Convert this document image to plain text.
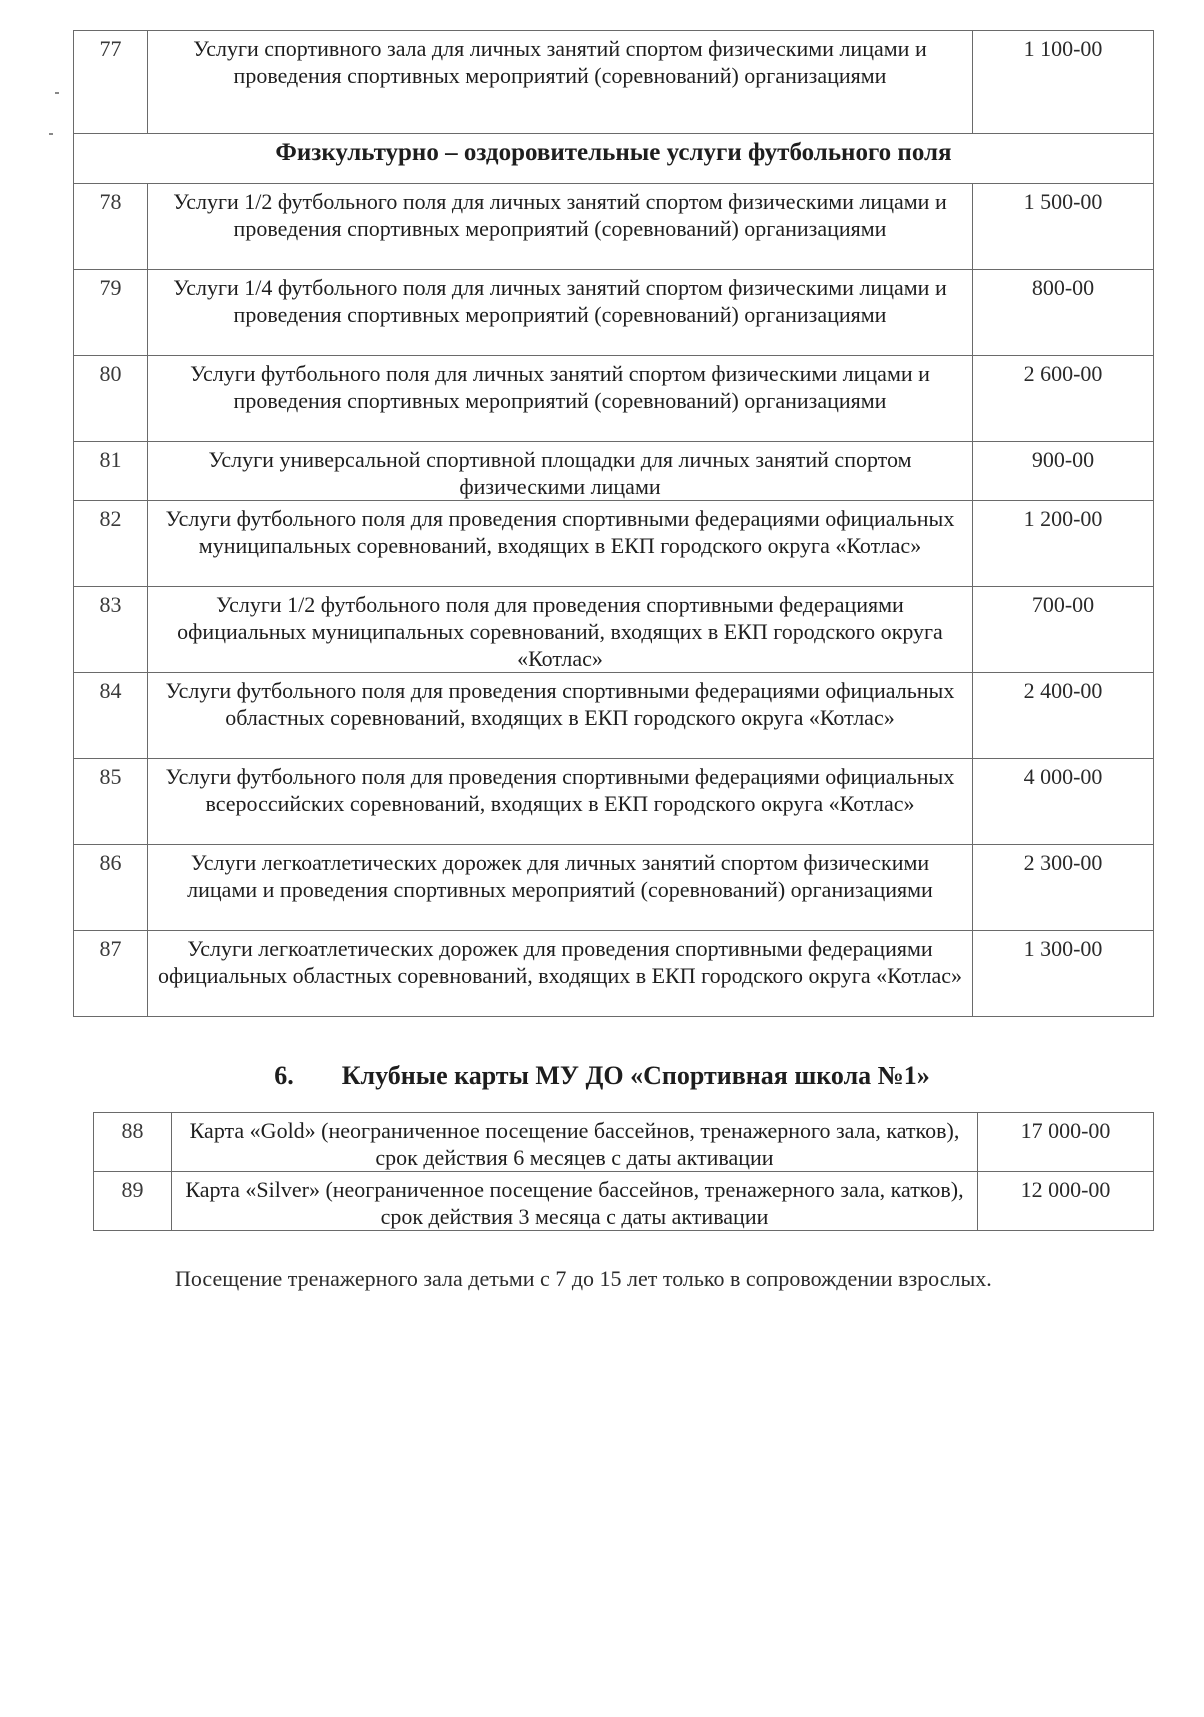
77	Услуги спортивного зала для личных занятий спортом физическими лицами и проведения спортивных мероприятий (соревнований) организациями	1 100-00
Физкультурно – оздоровительные услуги футбольного поля		
78	Услуги 1/2 футбольного поля для личных занятий спортом физическими лицами и проведения спортивных мероприятий (соревнований) организациями	1 500-00
79	Услуги 1/4 футбольного поля для личных занятий спортом физическими лицами и проведения спортивных мероприятий (соревнований) организациями	800-00
80	Услуги футбольного поля для личных занятий спортом физическими лицами и проведения спортивных мероприятий (соревнований) организациями	2 600-00
81	Услуги универсальной спортивной площадки для личных занятий спортом физическими лицами	900-00
82	Услуги футбольного поля для проведения спортивными федерациями официальных муниципальных соревнований, входящих в ЕКП городского округа «Котлас»	1 200-00
83	Услуги 1/2 футбольного поля для проведения спортивными федерациями официальных муниципальных соревнований, входящих в ЕКП городского округа «Котлас»	700-00
84	Услуги футбольного поля для проведения спортивными федерациями официальных областных соревнований, входящих в ЕКП городского округа «Котлас»	2 400-00
85	Услуги футбольного поля для проведения спортивными федерациями официальных всероссийских соревнований, входящих в ЕКП городского округа «Котлас»	4 000-00
86	Услуги легкоатлетических дорожек для личных занятий спортом физическими лицами и проведения спортивных мероприятий (соревнований) организациями	2 300-00
87	Услуги легкоатлетических дорожек для проведения спортивными федерациями официальных областных соревнований, входящих в ЕКП городского округа «Котлас»	1 300-00
6. Клубные карты МУ ДО «Спортивная школа №1»
88	Карта «Gold» (неограниченное посещение бассейнов, тренажерного зала, катков), срок действия 6 месяцев с даты активации	17 000-00
89	Карта «Silver» (неограниченное посещение бассейнов, тренажерного зала, катков), срок действия 3 месяца с даты активации	12 000-00
Посещение тренажерного зала детьми с 7 до 15 лет только в сопровождении взрослых.
